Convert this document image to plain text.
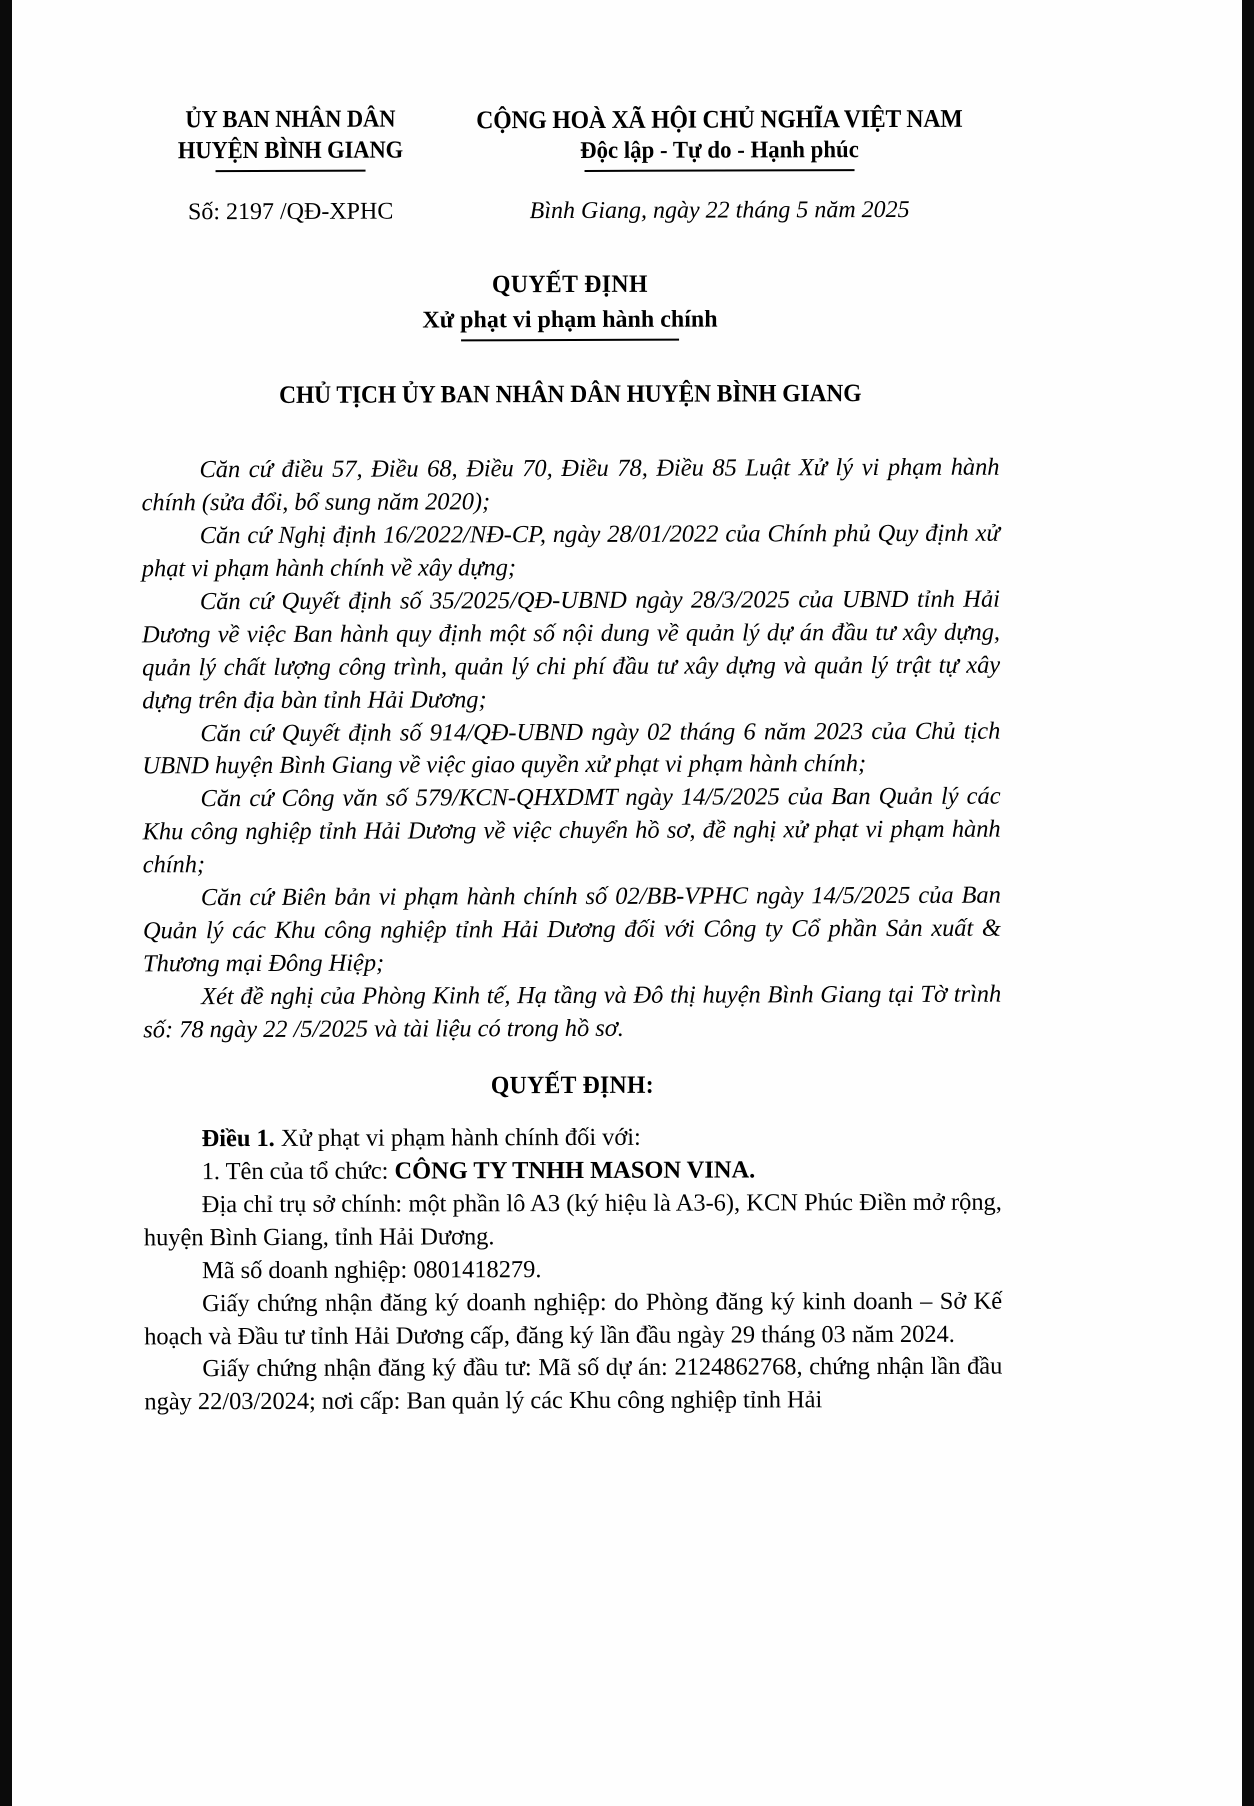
ỦY BAN NHÂN DÂN
HUYỆN BÌNH GIANG
CỘNG HOÀ XÃ HỘI CHỦ NGHĨA VIỆT NAM
Độc lập - Tự do - Hạnh phúc
Số: 2197 /QĐ-XPHC	Bình Giang, ngày 22 tháng 5 năm 2025
QUYẾT ĐỊNH
Xử phạt vi phạm hành chính
CHỦ TỊCH ỦY BAN NHÂN DÂN HUYỆN BÌNH GIANG

Căn cứ điều 57, Điều 68, Điều 70, Điều 78, Điều 85 Luật Xử lý vi phạm hành chính (sửa đổi, bổ sung năm 2020);

Căn cứ Nghị định 16/2022/NĐ-CP, ngày 28/01/2022 của Chính phủ Quy định xử phạt vi phạm hành chính về xây dựng;

Căn cứ Quyết định số 35/2025/QĐ-UBND ngày 28/3/2025 của UBND tỉnh Hải Dương về việc Ban hành quy định một số nội dung về quản lý dự án đầu tư xây dựng, quản lý chất lượng công trình, quản lý chi phí đầu tư xây dựng và quản lý trật tự xây dựng trên địa bàn tỉnh Hải Dương;

Căn cứ Quyết định số 914/QĐ-UBND ngày 02 tháng 6 năm 2023 của Chủ tịch UBND huyện Bình Giang về việc giao quyền xử phạt vi phạm hành chính;

Căn cứ Công văn số 579/KCN-QHXDMT ngày 14/5/2025 của Ban Quản lý các Khu công nghiệp tỉnh Hải Dương về việc chuyển hồ sơ, đề nghị xử phạt vi phạm hành chính;

Căn cứ Biên bản vi phạm hành chính số 02/BB-VPHC ngày 14/5/2025 của Ban Quản lý các Khu công nghiệp tỉnh Hải Dương đối với Công ty Cổ phần Sản xuất & Thương mại Đông Hiệp;

Xét đề nghị của Phòng Kinh tế, Hạ tầng và Đô thị huyện Bình Giang tại Tờ trình số: 78 ngày 22 /5/2025 và tài liệu có trong hồ sơ.

QUYẾT ĐỊNH:

Điều 1. Xử phạt vi phạm hành chính đối với:

1. Tên của tổ chức: CÔNG TY TNHH MASON VINA.

Địa chỉ trụ sở chính: một phần lô A3 (ký hiệu là A3-6), KCN Phúc Điền mở rộng, huyện Bình Giang, tỉnh Hải Dương.

Mã số doanh nghiệp: 0801418279.

Giấy chứng nhận đăng ký doanh nghiệp: do Phòng đăng ký kinh doanh – Sở Kế hoạch và Đầu tư tỉnh Hải Dương cấp, đăng ký lần đầu ngày 29 tháng 03 năm 2024.

Giấy chứng nhận đăng ký đầu tư: Mã số dự án: 2124862768, chứng nhận lần đầu ngày 22/03/2024; nơi cấp: Ban quản lý các Khu công nghiệp tỉnh Hải
